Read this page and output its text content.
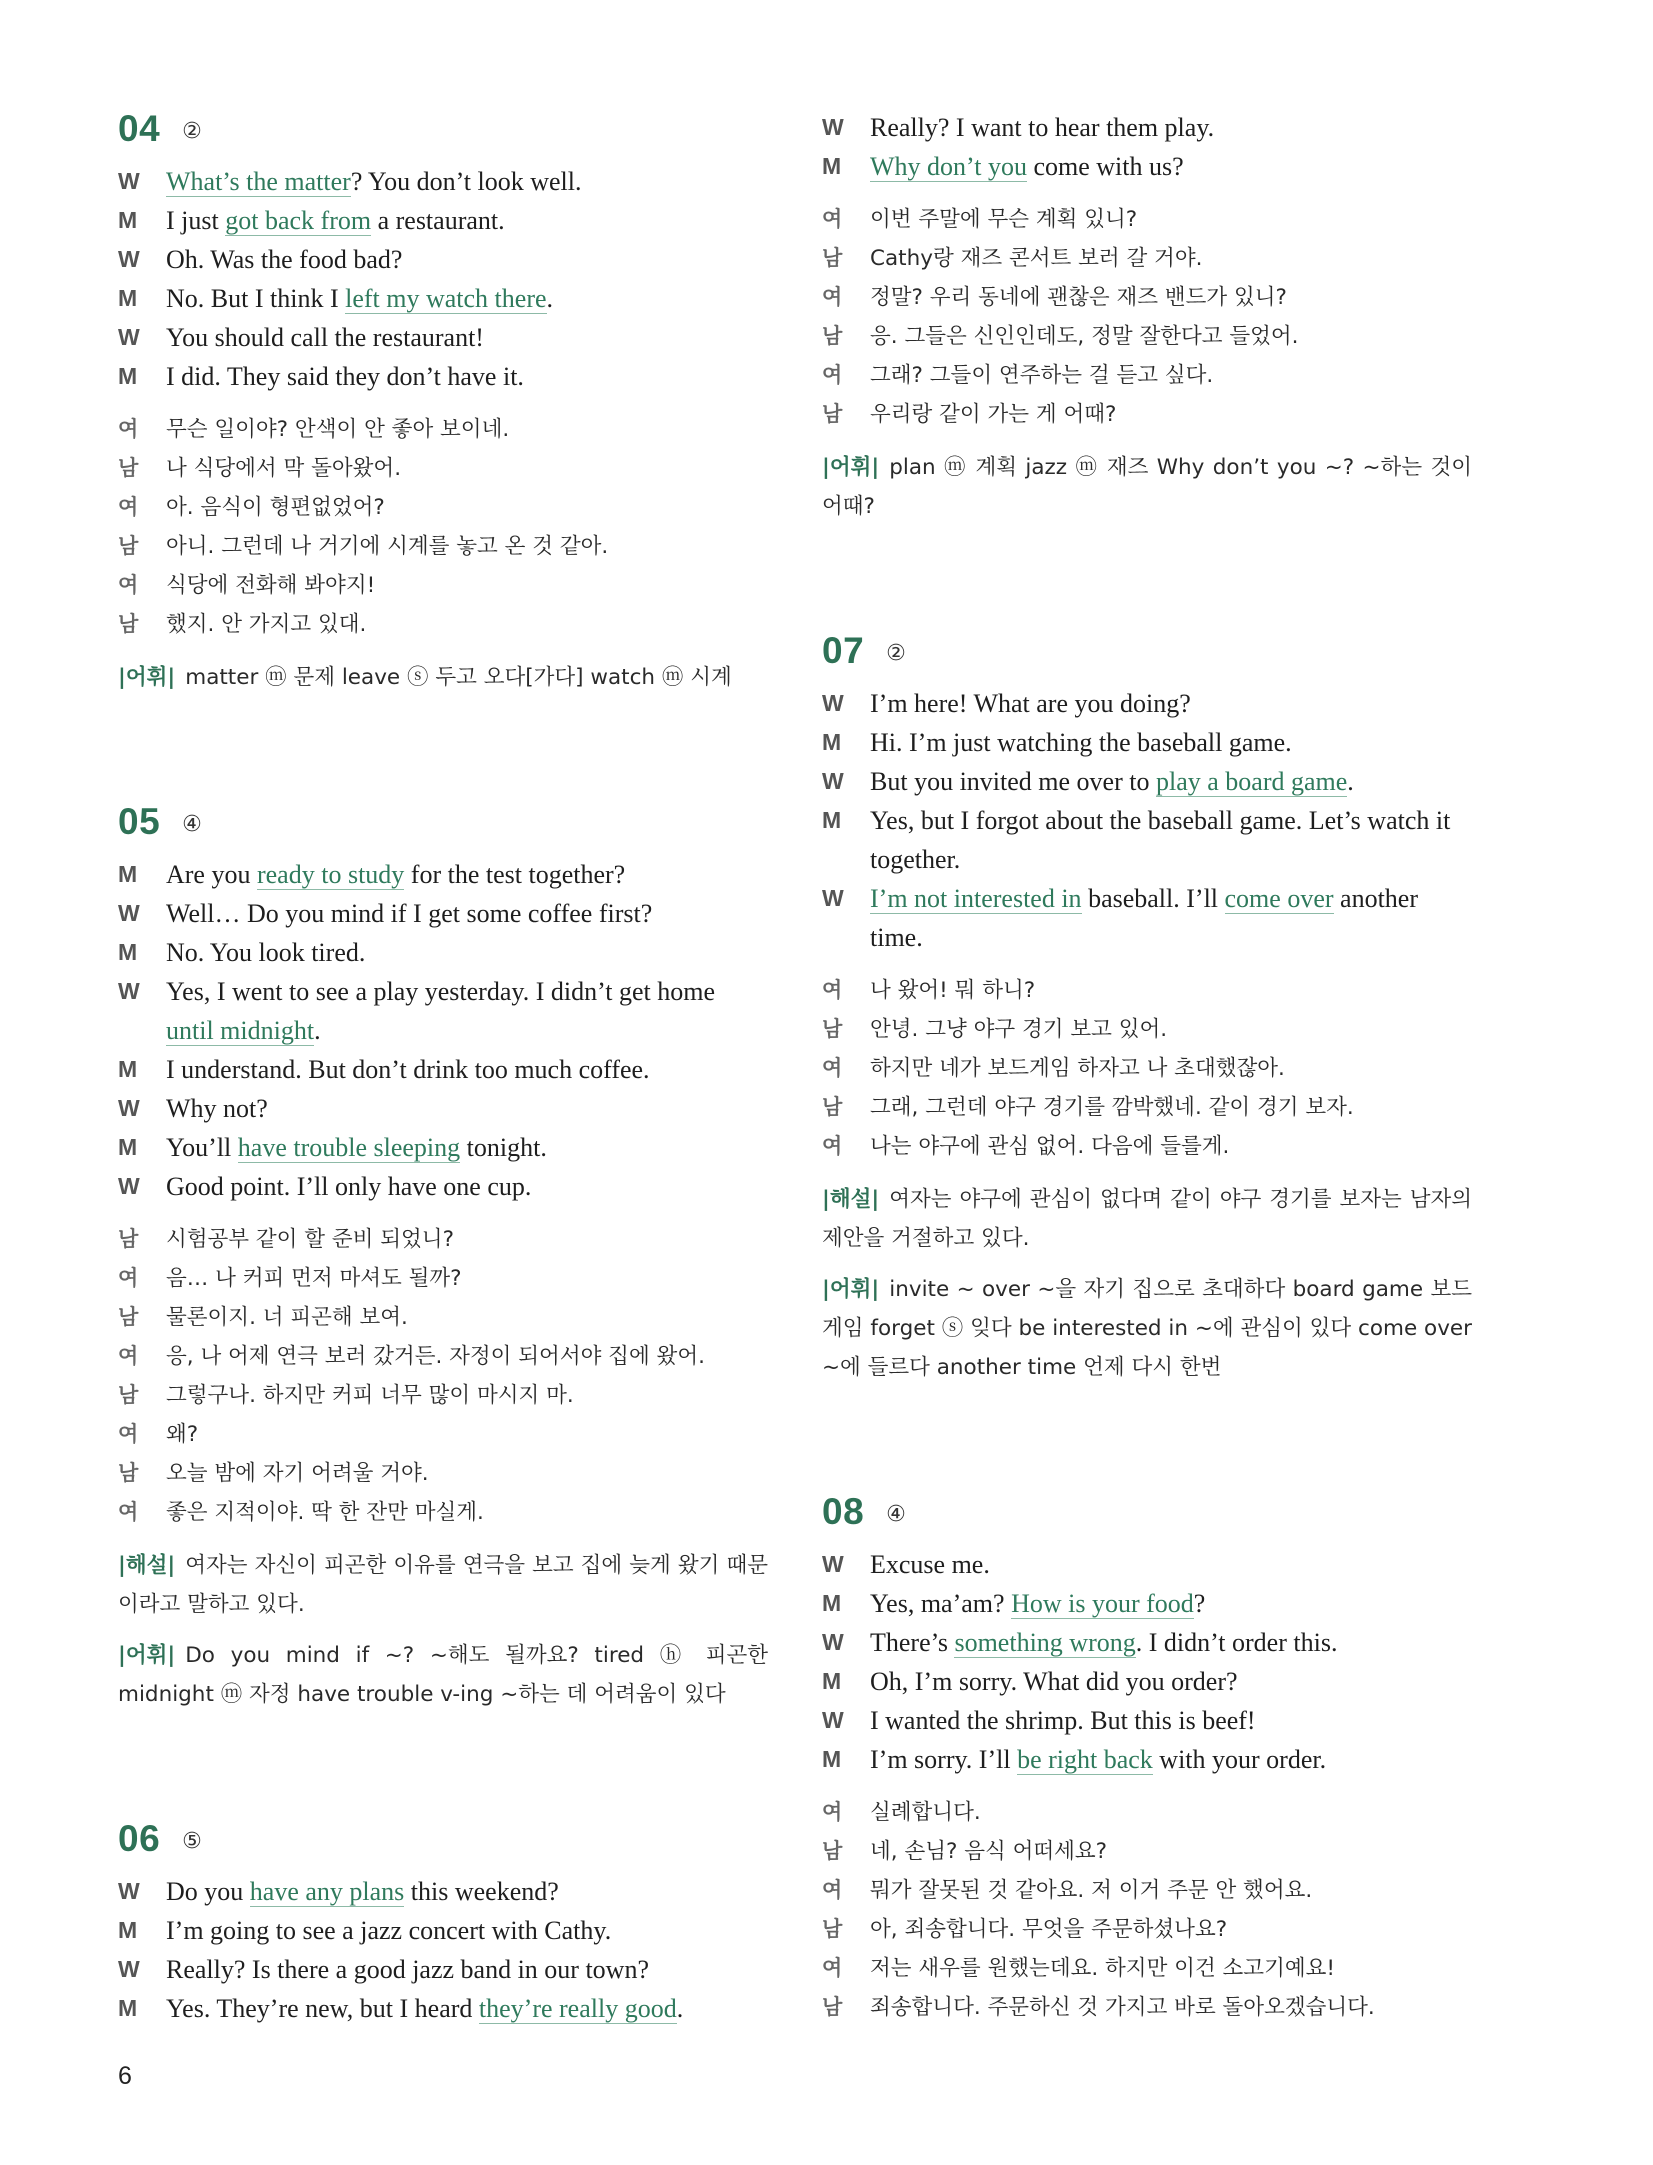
04 ②
W What’s the matter? You don’t look well.
M I just got back from a restaurant.
W Oh. Was the food bad?
M No. But I think I left my watch there.
W You should call the restaurant!
M I did. They said they don’t have it.
여 무슨 일이야? 안색이 안 좋아 보이네.
남 나 식당에서 막 돌아왔어.
여 아. 음식이 형편없었어?
남 아니. 그런데 나 거기에 시계를 놓고 온 것 같아.
여 식당에 전화해 봐야지!
남 했지. 안 가지고 있대.
|어휘| matter ⓜ 문제 leave ⓢ 두고 오다[가다] watch ⓜ 시계
05 ④
M Are you ready to study for the test together?
W Well… Do you mind if I get some coffee first?
M No. You look tired.
W Yes, I went to see a play yesterday. I didn’t get home until midnight.
M I understand. But don’t drink too much coffee.
W Why not?
M You’ll have trouble sleeping tonight.
W Good point. I’ll only have one cup.
남 시험공부 같이 할 준비 되었니?
여 음… 나 커피 먼저 마셔도 될까?
남 물론이지. 너 피곤해 보여.
여 응, 나 어제 연극 보러 갔거든. 자정이 되어서야 집에 왔어.
남 그렇구나. 하지만 커피 너무 많이 마시지 마.
여 왜?
남 오늘 밤에 자기 어려울 거야.
여 좋은 지적이야. 딱 한 잔만 마실게.
|해설| 여자는 자신이 피곤한 이유를 연극을 보고 집에 늦게 왔기 때문이라고 말하고 있다.
|어휘| Do you mind if ~? ~해도 될까요? tired ⓗ 피곤한 midnight ⓜ 자정 have trouble v-ing ~하는 데 어려움이 있다
06 ⑤
W Do you have any plans this weekend?
M I’m going to see a jazz concert with Cathy.
W Really? Is there a good jazz band in our town?
M Yes. They’re new, but I heard they’re really good.
W Really? I want to hear them play.
M Why don’t you come with us?
여 이번 주말에 무슨 계획 있니?
남 Cathy랑 재즈 콘서트 보러 갈 거야.
여 정말? 우리 동네에 괜찮은 재즈 밴드가 있니?
남 응. 그들은 신인인데도, 정말 잘한다고 들었어.
여 그래? 그들이 연주하는 걸 듣고 싶다.
남 우리랑 같이 가는 게 어때?
|어휘| plan ⓜ 계획 jazz ⓜ 재즈 Why don’t you ~? ~하는 것이 어때?
07 ②
W I’m here! What are you doing?
M Hi. I’m just watching the baseball game.
W But you invited me over to play a board game.
M Yes, but I forgot about the baseball game. Let’s watch it together.
W I’m not interested in baseball. I’ll come over another time.
여 나 왔어! 뭐 하니?
남 안녕. 그냥 야구 경기 보고 있어.
여 하지만 네가 보드게임 하자고 나 초대했잖아.
남 그래, 그런데 야구 경기를 깜박했네. 같이 경기 보자.
여 나는 야구에 관심 없어. 다음에 들를게.
|해설| 여자는 야구에 관심이 없다며 같이 야구 경기를 보자는 남자의 제안을 거절하고 있다.
|어휘| invite ~ over ~을 자기 집으로 초대하다 board game 보드게임 forget ⓢ 잊다 be interested in ~에 관심이 있다 come over ~에 들르다 another time 언제 다시 한번
08 ④
W Excuse me.
M Yes, ma’am? How is your food?
W There’s something wrong. I didn’t order this.
M Oh, I’m sorry. What did you order?
W I wanted the shrimp. But this is beef!
M I’m sorry. I’ll be right back with your order.
여 실례합니다.
남 네, 손님? 음식 어떠세요?
여 뭐가 잘못된 것 같아요. 저 이거 주문 안 했어요.
남 아, 죄송합니다. 무엇을 주문하셨나요?
여 저는 새우를 원했는데요. 하지만 이건 소고기예요!
남 죄송합니다. 주문하신 것 가지고 바로 돌아오겠습니다.
6
